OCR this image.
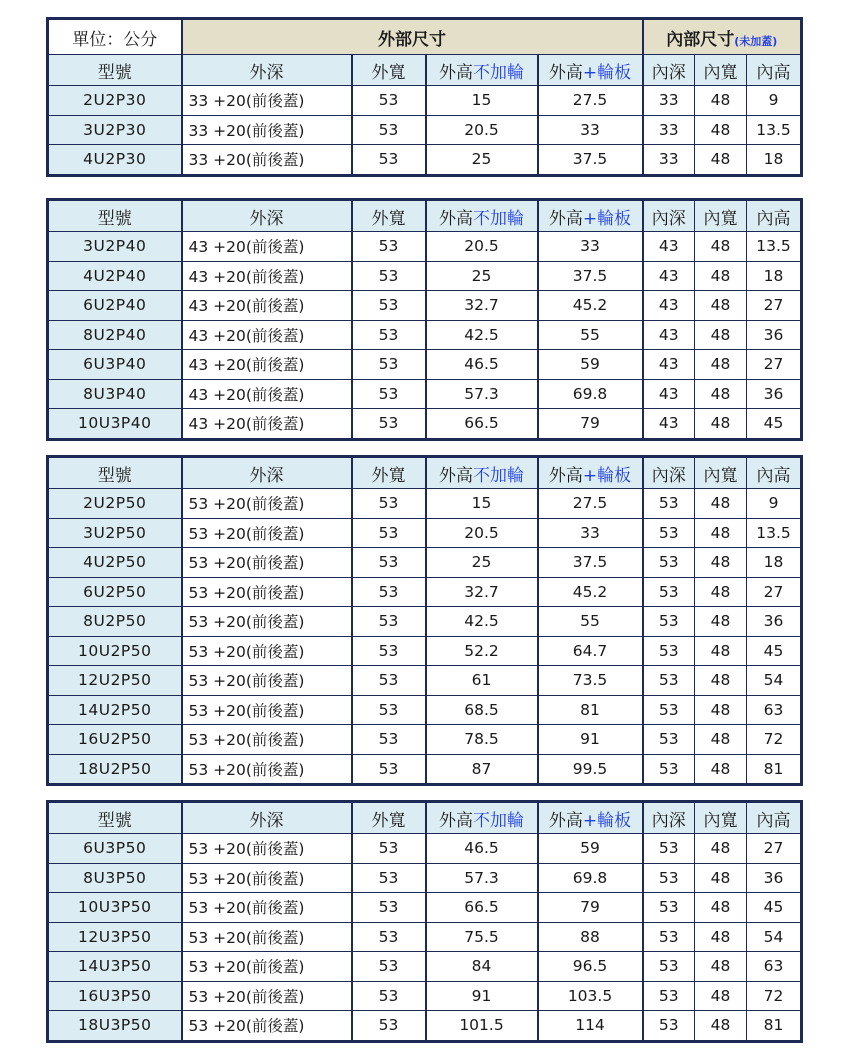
單位：公分	外部尺寸				內部尺寸(未加蓋)		
型號	外深	外寬	外高不加輪	外高+輪板	內深	內寬	內高
2U2P30	33 +20(前後蓋)	53	15	27.5	33	48	9
3U2P30	33 +20(前後蓋)	53	20.5	33	33	48	13.5
4U2P30	33 +20(前後蓋)	53	25	37.5	33	48	18
型號	外深	外寬	外高不加輪	外高+輪板	內深	內寬	內高
3U2P40	43 +20(前後蓋)	53	20.5	33	43	48	13.5
4U2P40	43 +20(前後蓋)	53	25	37.5	43	48	18
6U2P40	43 +20(前後蓋)	53	32.7	45.2	43	48	27
8U2P40	43 +20(前後蓋)	53	42.5	55	43	48	36
6U3P40	43 +20(前後蓋)	53	46.5	59	43	48	27
8U3P40	43 +20(前後蓋)	53	57.3	69.8	43	48	36
10U3P40	43 +20(前後蓋)	53	66.5	79	43	48	45
型號	外深	外寬	外高不加輪	外高+輪板	內深	內寬	內高
2U2P50	53 +20(前後蓋)	53	15	27.5	53	48	9
3U2P50	53 +20(前後蓋)	53	20.5	33	53	48	13.5
4U2P50	53 +20(前後蓋)	53	25	37.5	53	48	18
6U2P50	53 +20(前後蓋)	53	32.7	45.2	53	48	27
8U2P50	53 +20(前後蓋)	53	42.5	55	53	48	36
10U2P50	53 +20(前後蓋)	53	52.2	64.7	53	48	45
12U2P50	53 +20(前後蓋)	53	61	73.5	53	48	54
14U2P50	53 +20(前後蓋)	53	68.5	81	53	48	63
16U2P50	53 +20(前後蓋)	53	78.5	91	53	48	72
18U2P50	53 +20(前後蓋)	53	87	99.5	53	48	81
型號	外深	外寬	外高不加輪	外高+輪板	內深	內寬	內高
6U3P50	53 +20(前後蓋)	53	46.5	59	53	48	27
8U3P50	53 +20(前後蓋)	53	57.3	69.8	53	48	36
10U3P50	53 +20(前後蓋)	53	66.5	79	53	48	45
12U3P50	53 +20(前後蓋)	53	75.5	88	53	48	54
14U3P50	53 +20(前後蓋)	53	84	96.5	53	48	63
16U3P50	53 +20(前後蓋)	53	91	103.5	53	48	72
18U3P50	53 +20(前後蓋)	53	101.5	114	53	48	81
